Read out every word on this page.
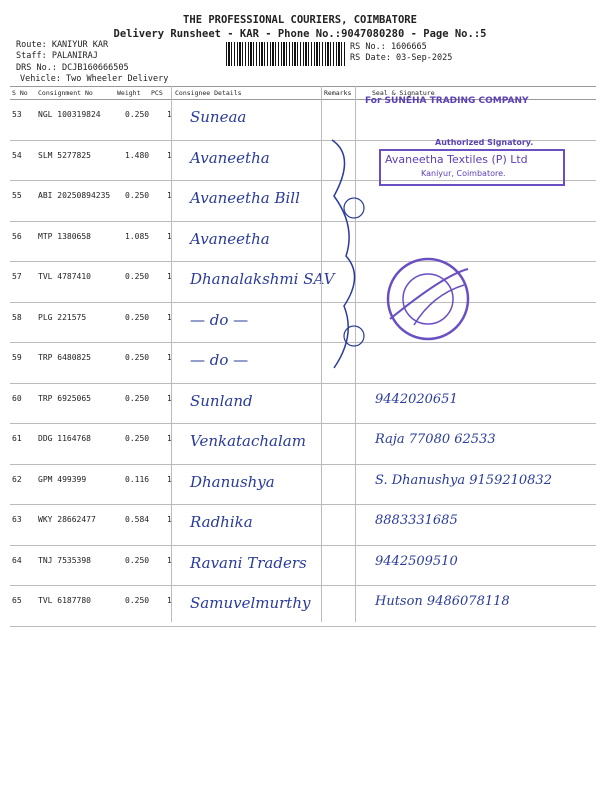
THE PROFESSIONAL COURIERS, COIMBATORE
Delivery Runsheet - KAR - Phone No.:9047080280 - Page No.:5
Route: KANIYUR KAR
Staff: PALANIRAJ
DRS No.: DCJB160666505
Vehicle: Two Wheeler Delivery
RS No.: 1606665
RS Date: 03-Sep-2025
S No Consignment No	Weight PCS Consignee Details	Remarks	Seal & Signature
53 NGL 100319824	0.250 1 Suneaa
54 SLM 5277825	1.480 1 Avaneetha
55 ABI 20250894235 0.250 1 Avaneetha Bill
56 MTP 1380658	1.085 1 Avaneetha
57 TVL 4787410	0.250 1 Dhanalakshmi SAV
58 PLG 221575	0.250 1 — do —
59 TRP 6480825	0.250 1 — do —
60 TRP 6925065	0.250 1 Sunland	9442020651
61 DDG 1164768	0.250 1 Venkatachalam	Raja 77080 62533
62 GPM 499399	0.116 1 Dhanushya	S. Dhanushya 9159210832
63 WKY 28662477	0.584 1 Radhika	8883331685
64 TNJ 7535398	0.250 1 Ravani Traders	9442509510
65 TVL 6187780	0.250 1 Samuvelmurthy	Hutson 9486078118
For SUNEHA TRADING COMPANY
Authorized Signatory.
Avaneetha Textiles (P) Ltd
Kaniyur, Coimbatore.
